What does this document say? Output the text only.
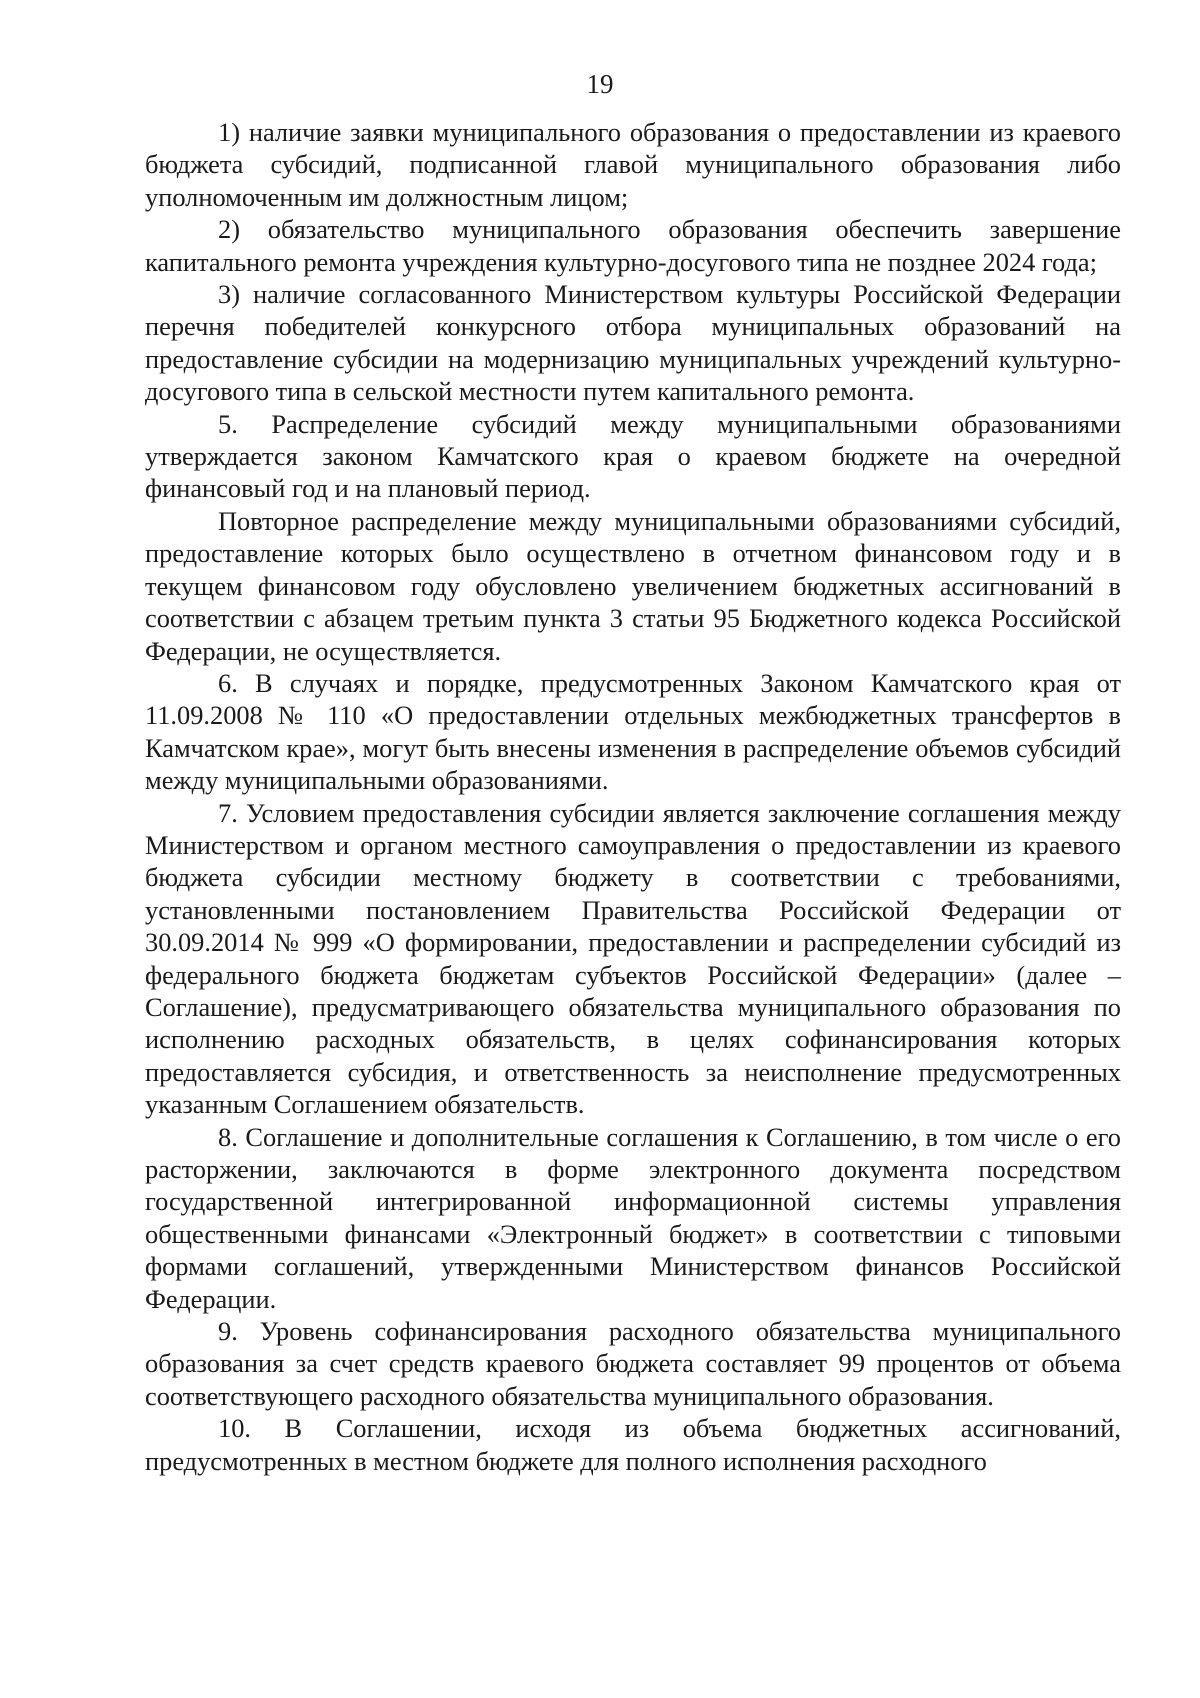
19

1) наличие заявки муниципального образования о предоставлении из краевого бюджета субсидий, подписанной главой муниципального образования либо уполномоченным им должностным лицом;

2) обязательство муниципального образования обеспечить завершение капитального ремонта учреждения культурно-досугового типа не позднее 2024 года;

3) наличие согласованного Министерством культуры Российской Федерации перечня победителей конкурсного отбора муниципальных образований на предоставление субсидии на модернизацию муниципальных учреждений культурно-досугового типа в сельской местности путем капитального ремонта.

5. Распределение субсидий между муниципальными образованиями утверждается законом Камчатского края о краевом бюджете на очередной финансовый год и на плановый период.

Повторное распределение между муниципальными образованиями субсидий, предоставление которых было осуществлено в отчетном финансовом году и в текущем финансовом году обусловлено увеличением бюджетных ассигнований в соответствии с абзацем третьим пункта 3 статьи 95 Бюджетного кодекса Российской Федерации, не осуществляется.

6. В случаях и порядке, предусмотренных Законом Камчатского края от 11.09.2008 № 110 «О предоставлении отдельных межбюджетных трансфертов в Камчатском крае», могут быть внесены изменения в распределение объемов субсидий между муниципальными образованиями.

7. Условием предоставления субсидии является заключение соглашения между Министерством и органом местного самоуправления о предоставлении из краевого бюджета субсидии местному бюджету в соответствии с требованиями, установленными постановлением Правительства Российской Федерации от 30.09.2014 № 999 «О формировании, предоставлении и распределении субсидий из федерального бюджета бюджетам субъектов Российской Федерации» (далее – Соглашение), предусматривающего обязательства муниципального образования по исполнению расходных обязательств, в целях софинансирования которых предоставляется субсидия, и ответственность за неисполнение предусмотренных указанным Соглашением обязательств.

8. Соглашение и дополнительные соглашения к Соглашению, в том числе о его расторжении, заключаются в форме электронного документа посредством государственной интегрированной информационной системы управления общественными финансами «Электронный бюджет» в соответствии с типовыми формами соглашений, утвержденными Министерством финансов Российской Федерации.

9. Уровень софинансирования расходного обязательства муниципального образования за счет средств краевого бюджета составляет 99 процентов от объема соответствующего расходного обязательства муниципального образования.

10. В Соглашении, исходя из объема бюджетных ассигнований, предусмотренных в местном бюджете для полного исполнения расходного
